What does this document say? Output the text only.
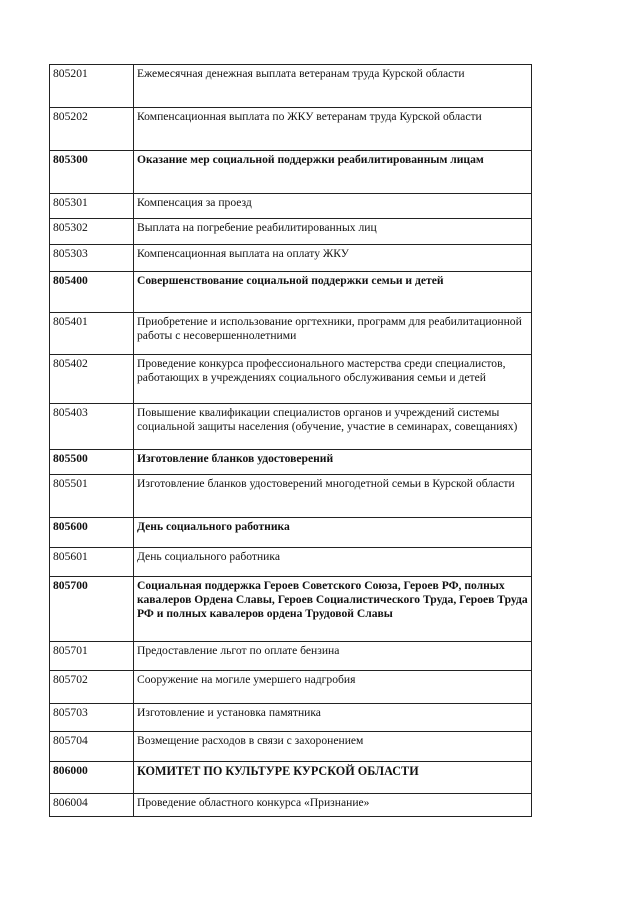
805201	Ежемесячная денежная выплата ветеранам труда Курской области
805202	Компенсационная выплата по ЖКУ ветеранам труда Курской области
805300	Оказание мер социальной поддержки реабилитированным лицам
805301	Компенсация за проезд
805302	Выплата на погребение реабилитированных лиц
805303	Компенсационная выплата на оплату ЖКУ
805400	Совершенствование социальной поддержки семьи и детей
805401	Приобретение и использование оргтехники, программ для реабилитационной работы с несовершеннолетними
805402	Проведение конкурса профессионального мастерства среди специалистов, работающих в учреждениях социального обслуживания семьи и детей
805403	Повышение квалификации специалистов органов и учреждений системы социальной защиты населения (обучение, участие в семинарах, совещаниях)
805500	Изготовление бланков удостоверений
805501	Изготовление бланков удостоверений многодетной семьи в Курской области
805600	День социального работника
805601	День социального работника
805700	Социальная поддержка Героев Советского Союза, Героев РФ, полных кавалеров Ордена Славы, Героев Социалистического Труда, Героев Труда РФ и полных кавалеров ордена Трудовой Славы
805701	Предоставление льгот по оплате бензина
805702	Сооружение на могиле умершего надгробия
805703	Изготовление и установка памятника
805704	Возмещение расходов в связи с захоронением
806000	КОМИТЕТ ПО КУЛЬТУРЕ КУРСКОЙ ОБЛАСТИ
806004	Проведение областного конкурса «Признание»
